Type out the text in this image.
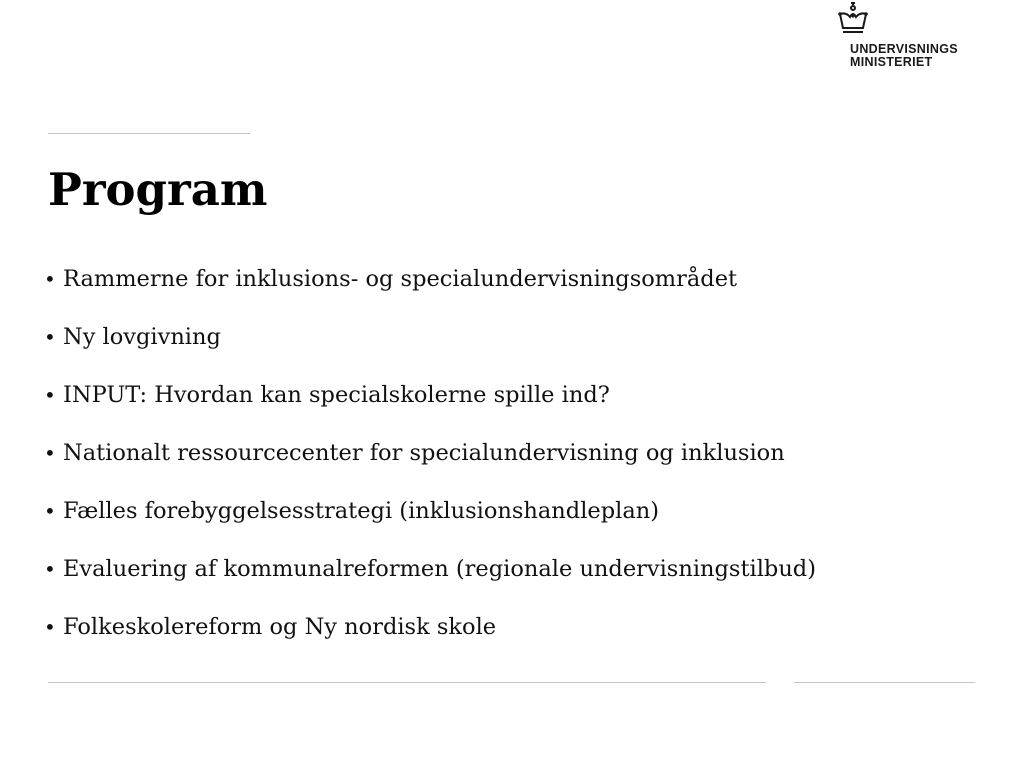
UNDERVISNINGS
MINISTERIET
Program
• Rammerne for inklusions- og specialundervisningsområdet
• Ny lovgivning
• INPUT: Hvordan kan specialskolerne spille ind?
• Nationalt ressourcecenter for specialundervisning og inklusion
• Fælles forebyggelsesstrategi (inklusionshandleplan)
• Evaluering af kommunalreformen (regionale undervisningstilbud)
• Folkeskolereform og Ny nordisk skole
